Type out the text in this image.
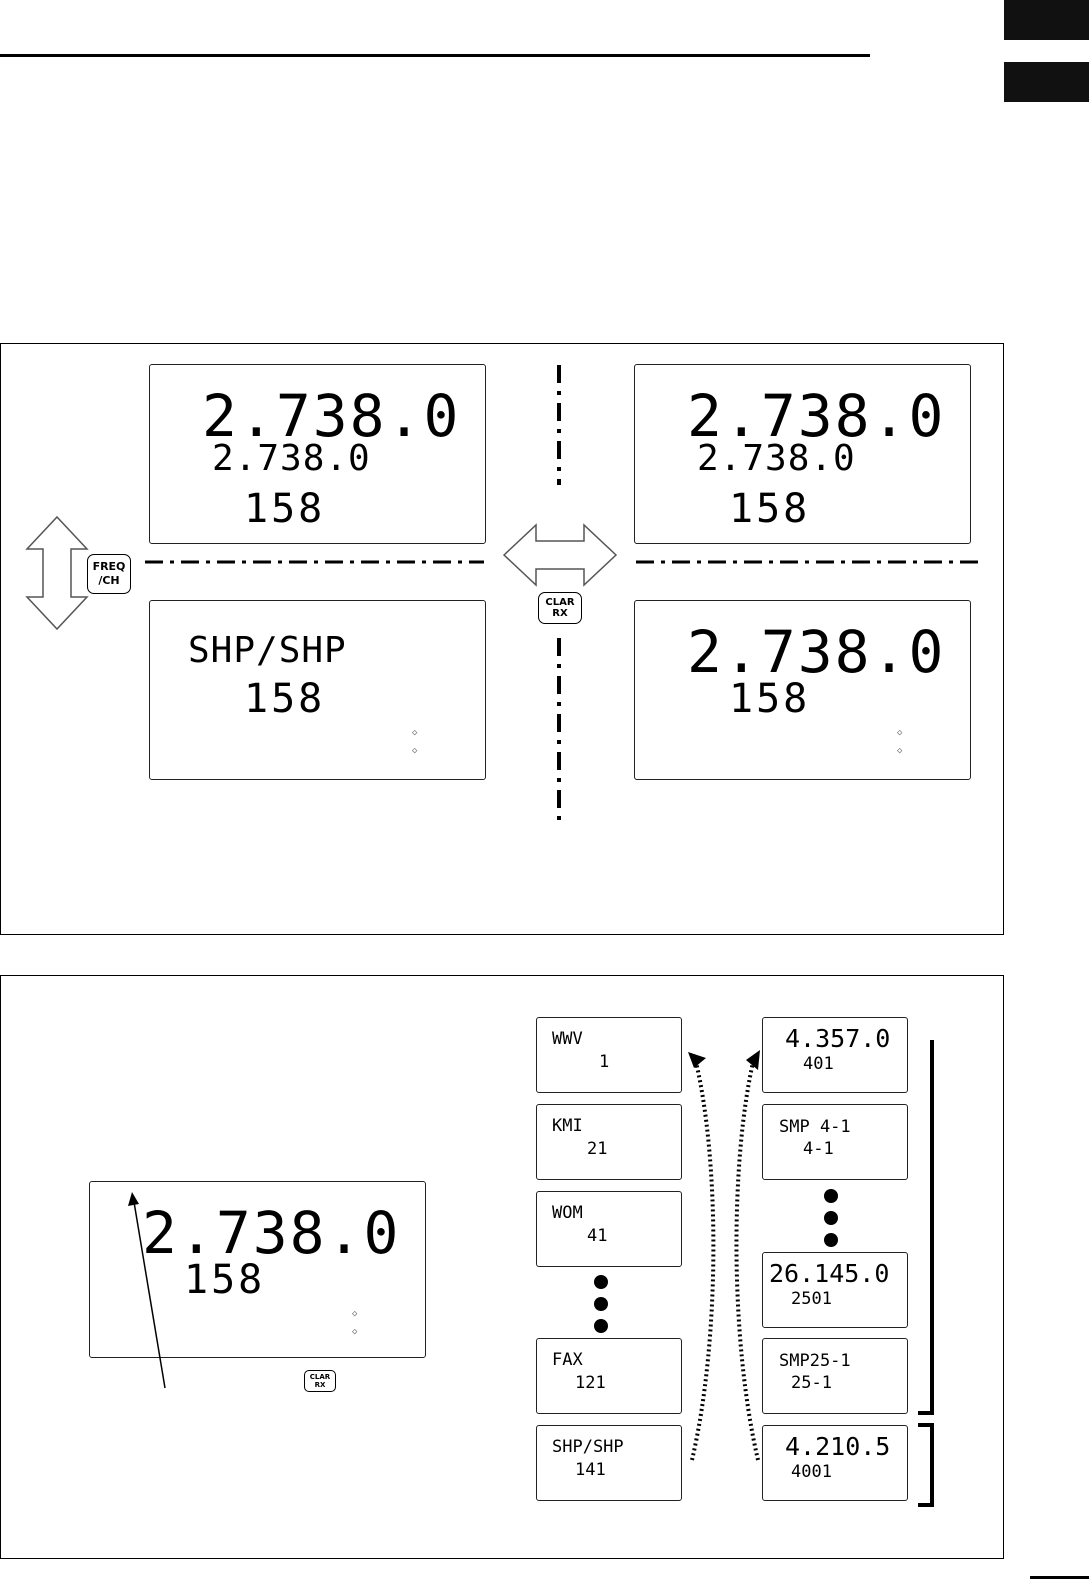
FREQ
/CH
CLAR
RX
2.738.0
2.738.0
158
2.738.0
2.738.0
158
SHP/SHP
158
◇
◇
2.738.0
158
◇
◇
2.738.0
158
◇
◇
CLAR
RX
WWV
1
KMI
21
WOM
41
FAX
121
SHP/SHP
141
4.357.0
401
SMP 4-1
4-1
26.145.0
2501
SMP25-1
25-1
4.210.5
4001
